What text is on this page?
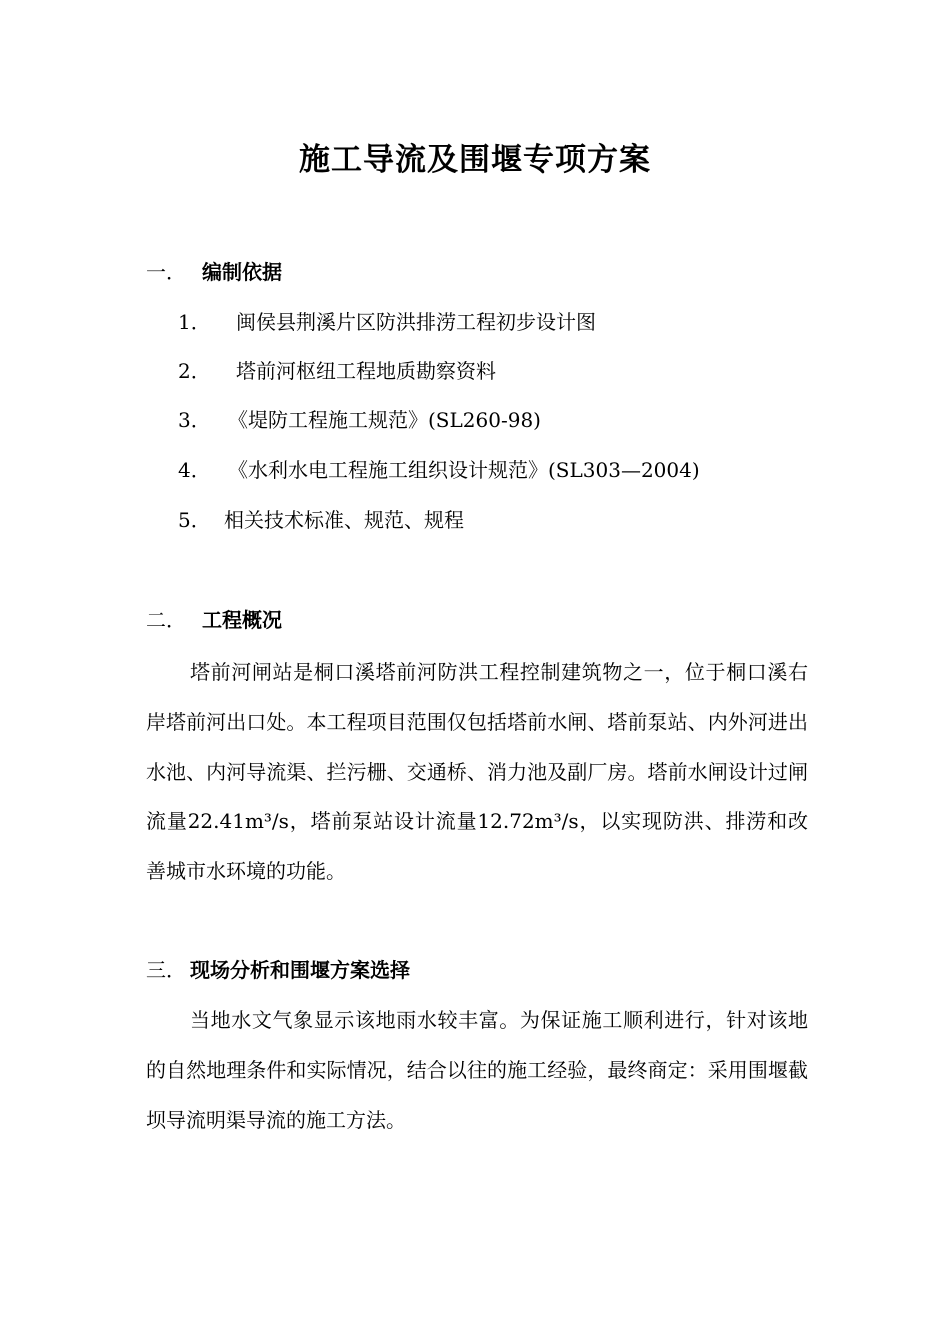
施工导流及围堰专项方案
一． 编制依据
1． 闽侯县荆溪片区防洪排涝工程初步设计图
2． 塔前河枢纽工程地质勘察资料
3． 《堤防工程施工规范》(SL260-98)
4． 《水利水电工程施工组织设计规范》(SL303—2004)
5． 相关技术标准、规范、规程
二． 工程概况

塔前河闸站是桐口溪塔前河防洪工程控制建筑物之一，位于桐口溪右岸塔前河出口处。本工程项目范围仅包括塔前水闸、塔前泵站、内外河进出水池、内河导流渠、拦污栅、交通桥、消力池及副厂房。塔前水闸设计过闸流量22.41m³/s，塔前泵站设计流量12.72m³/s，以实现防洪、排涝和改善城市水环境的功能。

三． 现场分析和围堰方案选择

当地水文气象显示该地雨水较丰富。为保证施工顺利进行，针对该地的自然地理条件和实际情况，结合以往的施工经验，最终商定：采用围堰截坝导流明渠导流的施工方法。
